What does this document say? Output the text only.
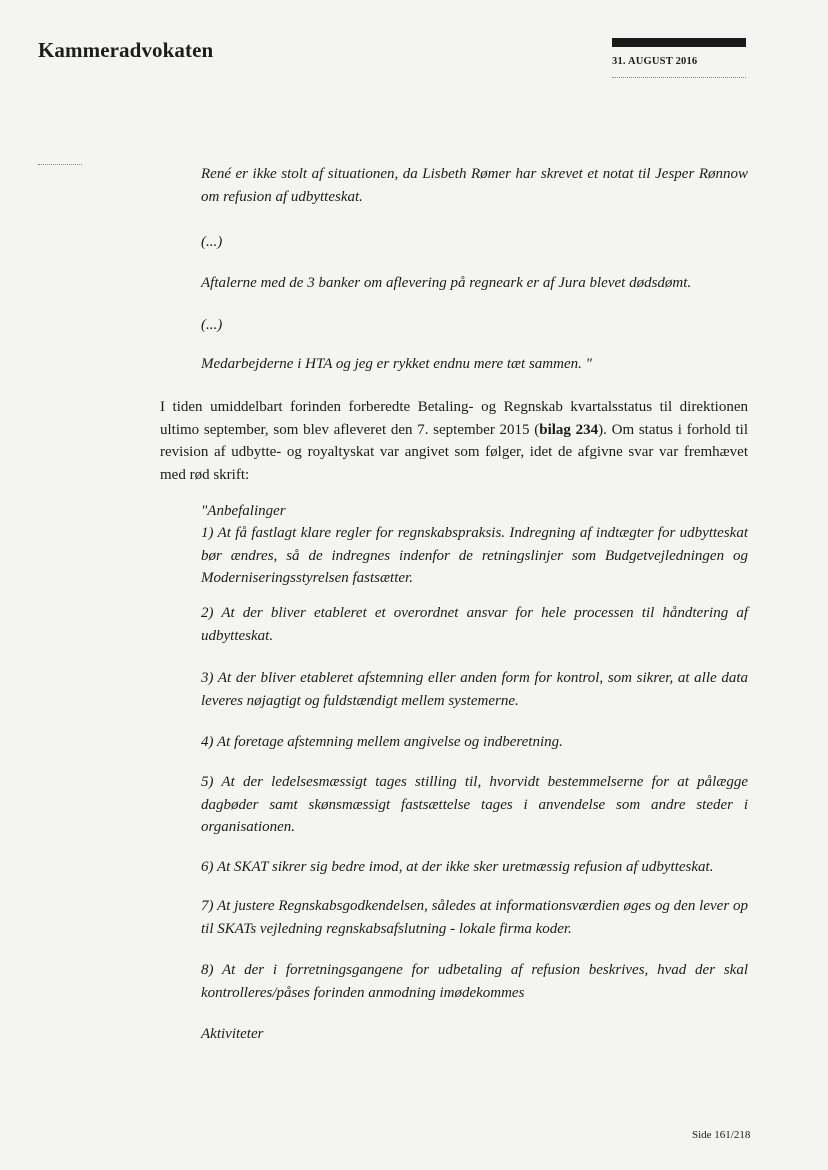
Kammeradvokaten	31. AUGUST 2016
René er ikke stolt af situationen, da Lisbeth Rømer har skrevet et notat til Jesper Rønnow om refusion af udbytteskat.
(...)
Aftalerne med de 3 banker om aflevering på regneark er af Jura blevet dødsdømt.
(...)
Medarbejderne i HTA og jeg er rykket endnu mere tæt sammen. "
I tiden umiddelbart forinden forberedte Betaling- og Regnskab kvartalsstatus til direktionen ultimo september, som blev afleveret den 7. september 2015 (bilag 234). Om status i forhold til revision af udbytte- og royaltyskat var angivet som følger, idet de afgivne svar var fremhævet med rød skrift:
"Anbefalinger
1) At få fastlagt klare regler for regnskabspraksis. Indregning af indtægter for udbytteskat bør ændres, så de indregnes indenfor de retningslinjer som Budgetvejledningen og Moderniseringsstyrelsen fastsætter.
2) At der bliver etableret et overordnet ansvar for hele processen til håndtering af udbytteskat.
3) At der bliver etableret afstemning eller anden form for kontrol, som sikrer, at alle data leveres nøjagtigt og fuldstændigt mellem systemerne.
4) At foretage afstemning mellem angivelse og indberetning.
5) At der ledelsesmæssigt tages stilling til, hvorvidt bestemmelserne for at pålægge dagbøder samt skønsmæssigt fastsættelse tages i anvendelse som andre steder i organisationen.
6) At SKAT sikrer sig bedre imod, at der ikke sker uretmæssig refusion af udbytteskat.
7) At justere Regnskabsgodkendelsen, således at informationsværdien øges og den lever op til SKATs vejledning regnskabsafslutning - lokale firma koder.
8) At der i forretningsgangene for udbetaling af refusion beskrives, hvad der skal kontrolleres/påses forinden anmodning imødekommes
Aktiviteter
Side 161/218
